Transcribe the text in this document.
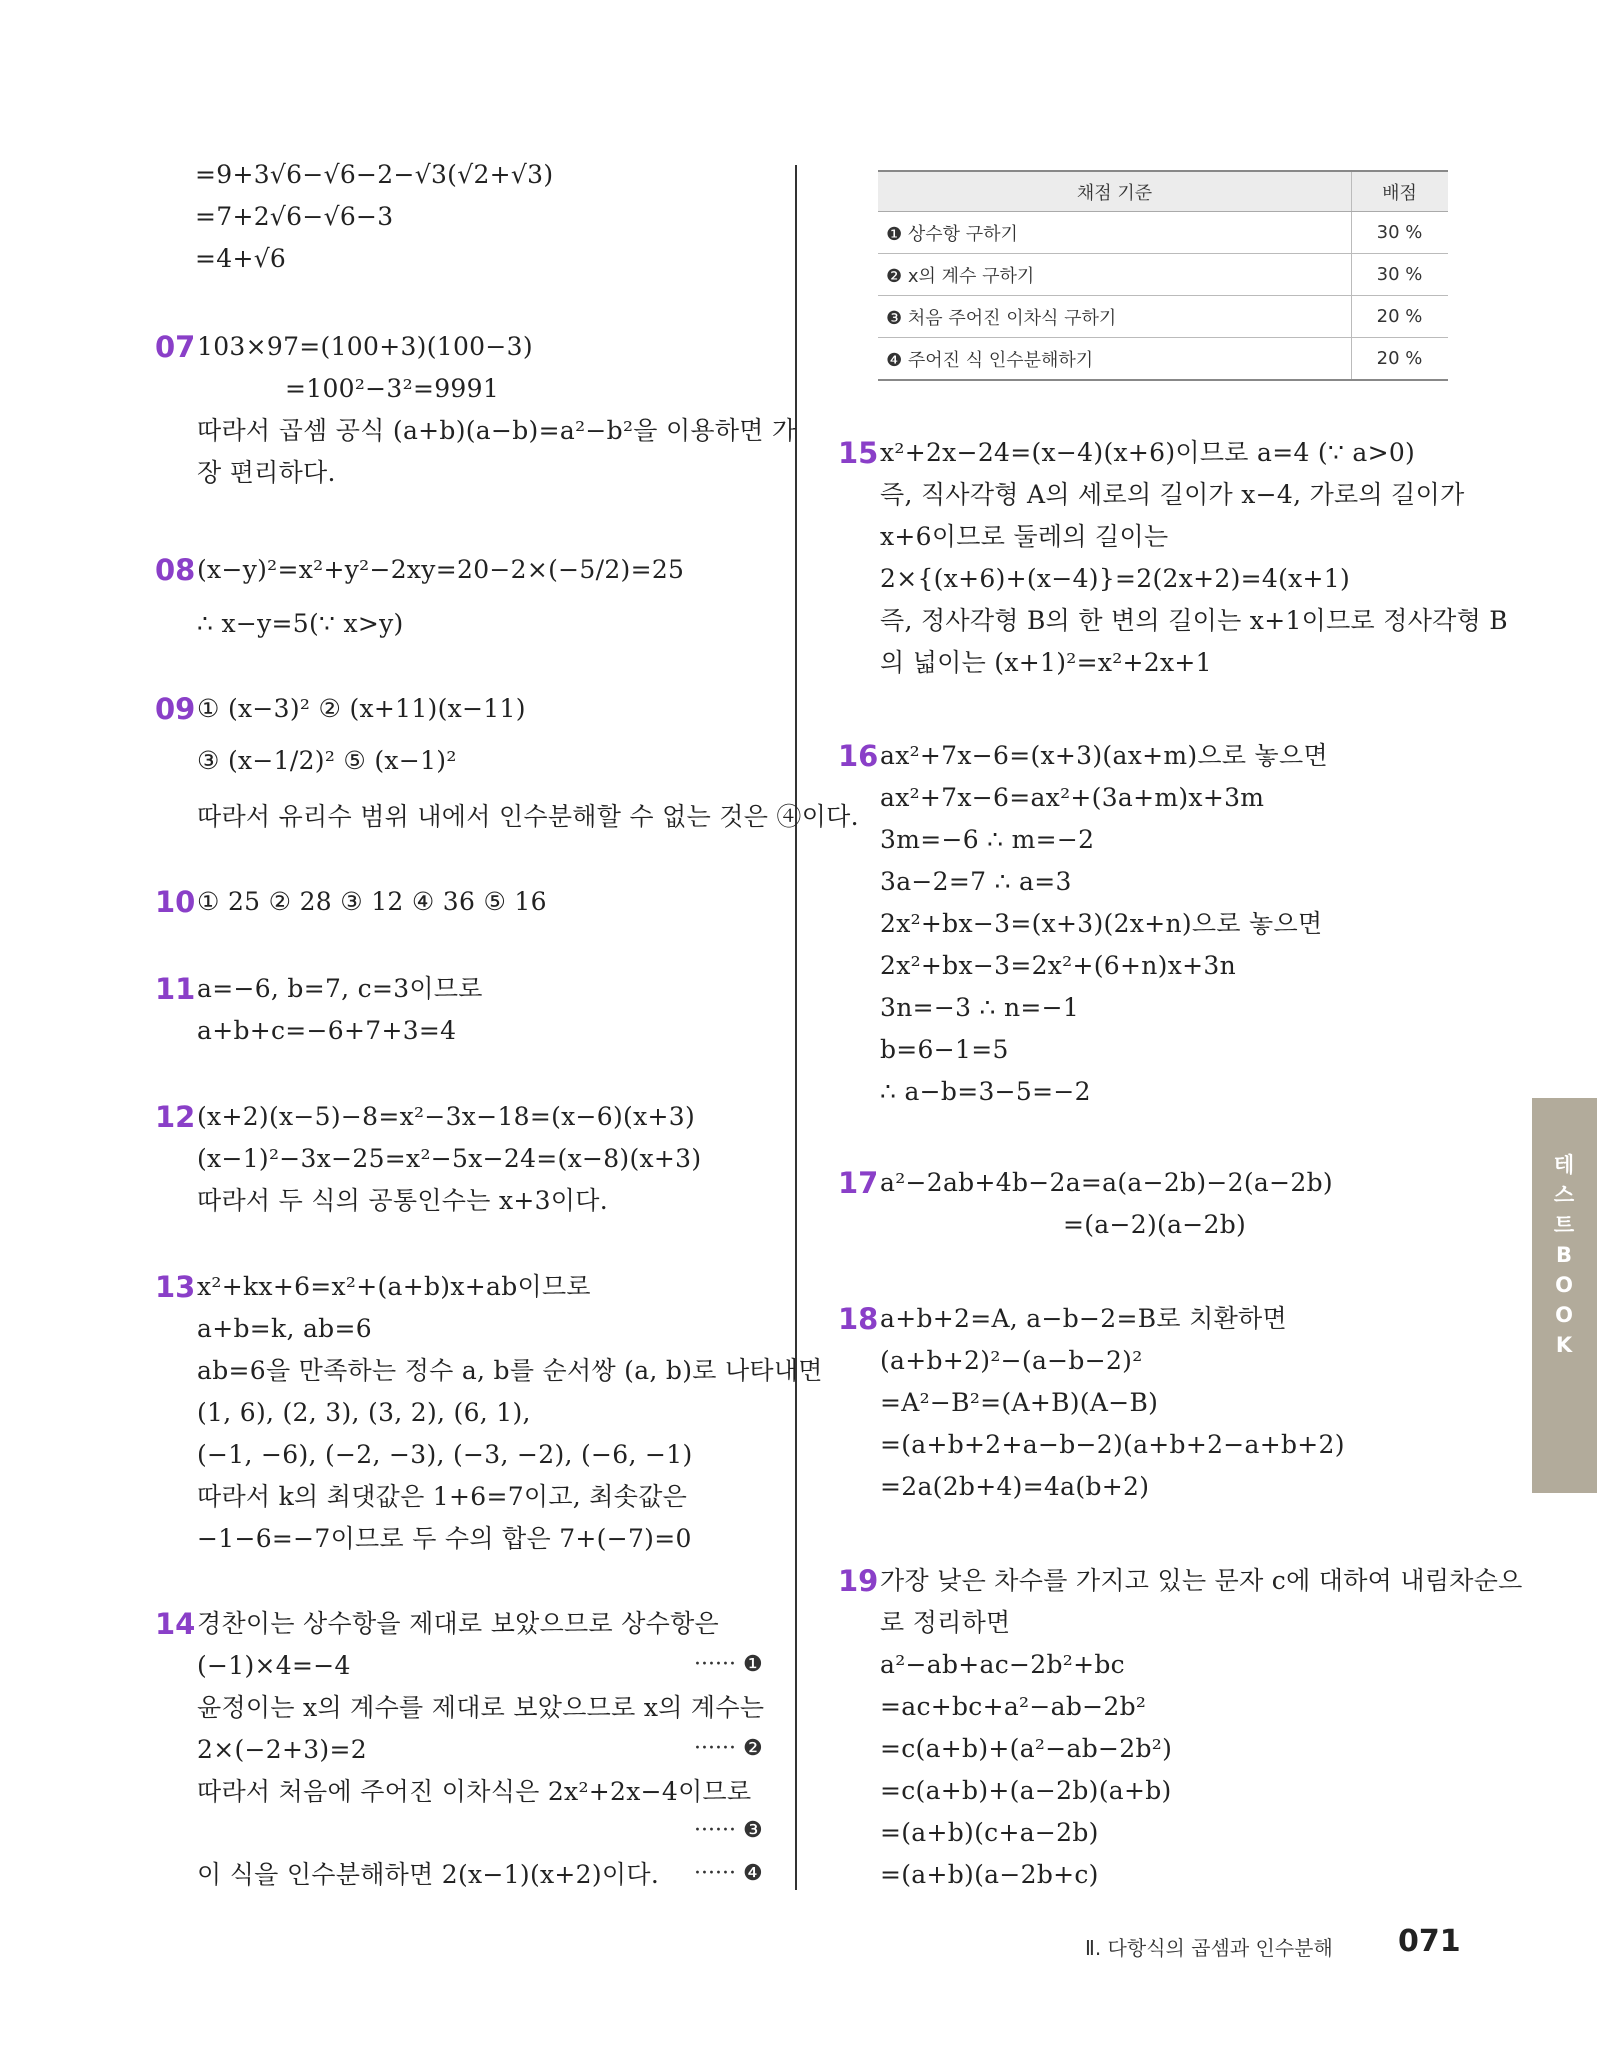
=9+3√6−√6−2−√3(√2+√3)
=7+2√6−√6−3
=4+√6
07 103×97=(100+3)(100−3)
=100²−3²=9991
따라서 곱셈 공식 (a+b)(a−b)=a²−b²을 이용하면 가
장 편리하다.
08 (x−y)²=x²+y²−2xy=20−2×(−5/2)=25
∴ x−y=5(∵ x>y)
09 ① (x−3)² ② (x+11)(x−11)
③ (x−1/2)² ⑤ (x−1)²
따라서 유리수 범위 내에서 인수분해할 수 없는 것은 ④이다.
10 ① 25 ② 28 ③ 12 ④ 36 ⑤ 16
11 a=−6, b=7, c=3이므로
a+b+c=−6+7+3=4
12 (x+2)(x−5)−8=x²−3x−18=(x−6)(x+3)
(x−1)²−3x−25=x²−5x−24=(x−8)(x+3)
따라서 두 식의 공통인수는 x+3이다.
13 x²+kx+6=x²+(a+b)x+ab이므로
a+b=k, ab=6
ab=6을 만족하는 정수 a, b를 순서쌍 (a, b)로 나타내면
(1, 6), (2, 3), (3, 2), (6, 1),
(−1, −6), (−2, −3), (−3, −2), (−6, −1)
따라서 k의 최댓값은 1+6=7이고, 최솟값은
−1−6=−7이므로 두 수의 합은 7+(−7)=0
14 경찬이는 상수항을 제대로 보았으므로 상수항은
(−1)×4=−4	······ ❶
윤정이는 x의 계수를 제대로 보았으므로 x의 계수는
2×(−2+3)=2	······ ❷
따라서 처음에 주어진 이차식은 2x²+2x−4이므로
······ ❸
이 식을 인수분해하면 2(x−1)(x+2)이다. ······ ❹
채점 기준	배점
❶ 상수항 구하기	30 %
❷ x의 계수 구하기	30 %
❸ 처음 주어진 이차식 구하기	20 %
❹ 주어진 식 인수분해하기	20 %
15 x²+2x−24=(x−4)(x+6)이므로 a=4 (∵ a>0)
즉, 직사각형 A의 세로의 길이가 x−4, 가로의 길이가
x+6이므로 둘레의 길이는
2×{(x+6)+(x−4)}=2(2x+2)=4(x+1)
즉, 정사각형 B의 한 변의 길이는 x+1이므로 정사각형 B
의 넓이는 (x+1)²=x²+2x+1
16 ax²+7x−6=(x+3)(ax+m)으로 놓으면
ax²+7x−6=ax²+(3a+m)x+3m
3m=−6 ∴ m=−2
3a−2=7 ∴ a=3
2x²+bx−3=(x+3)(2x+n)으로 놓으면
2x²+bx−3=2x²+(6+n)x+3n
3n=−3 ∴ n=−1
b=6−1=5
∴ a−b=3−5=−2
17 a²−2ab+4b−2a=a(a−2b)−2(a−2b)
=(a−2)(a−2b)
18 a+b+2=A, a−b−2=B로 치환하면
(a+b+2)²−(a−b−2)²
=A²−B²=(A+B)(A−B)
=(a+b+2+a−b−2)(a+b+2−a+b+2)
=2a(2b+4)=4a(b+2)
19 가장 낮은 차수를 가지고 있는 문자 c에 대하여 내림차순으
로 정리하면
a²−ab+ac−2b²+bc
=ac+bc+a²−ab−2b²
=c(a+b)+(a²−ab−2b²)
=c(a+b)+(a−2b)(a+b)
=(a+b)(c+a−2b)
=(a+b)(a−2b+c)
테
스
트
B
O
O
K
Ⅱ. 다항식의 곱셈과 인수분해 071
